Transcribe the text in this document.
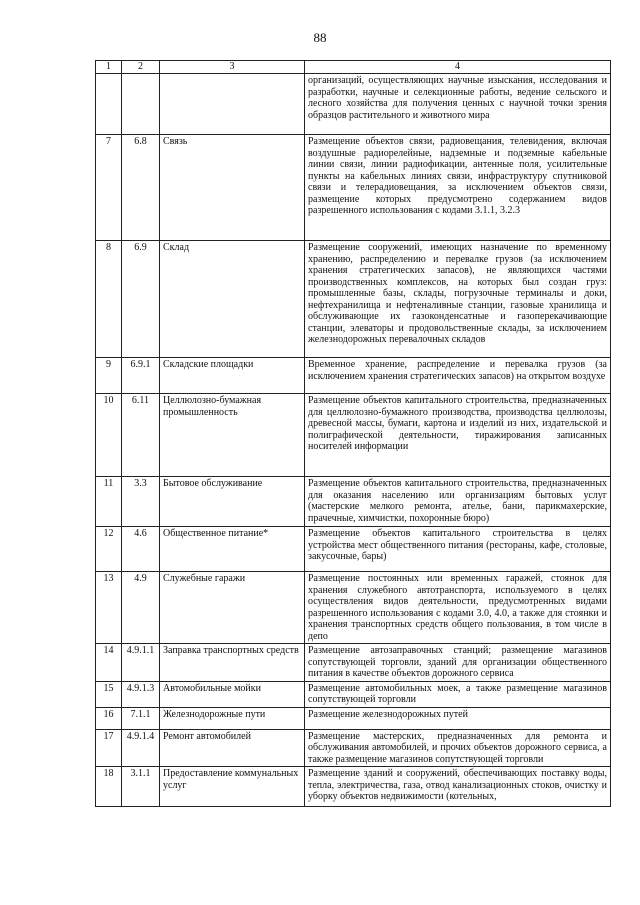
88
1	2	3	4
			организаций, осуществляющих научные изыскания, исследования и разработки, научные и селекционные работы, ведение сельского и лесного хозяйства для получения ценных с научной точки зрения образцов растительного и животного мира
7	6.8	Связь	Размещение объектов связи, радиовещания, телевидения, включая воздушные радиорелейные, надземные и подземные кабельные линии связи, линии радиофикации, антенные поля, усилительные пункты на кабельных линиях связи, инфраструктуру спутниковой связи и телерадиовещания, за исключением объектов связи, размещение которых предусмотрено содержанием видов разрешенного использования с кодами 3.1.1, 3.2.3
8	6.9	Склад	Размещение сооружений, имеющих назначение по временному хранению, распределению и перевалке грузов (за исключением хранения стратегических запасов), не являющихся частями производственных комплексов, на которых был создан груз: промышленные базы, склады, погрузочные терминалы и доки, нефтехранилища и нефтеналивные станции, газовые хранилища и обслуживающие их газоконденсатные и газоперекачивающие станции, элеваторы и продовольственные склады, за исключением железнодорожных перевалочных складов
9	6.9.1	Складские площадки	Временное хранение, распределение и перевалка грузов (за исключением хранения стратегических запасов) на открытом воздухе
10	6.11	Целлюлозно-бумажная промышленность	Размещение объектов капитального строительства, предназначенных для целлюлозно-бумажного производства, производства целлюлозы, древесной массы, бумаги, картона и изделий из них, издательской и полиграфической деятельности, тиражирования записанных носителей информации
11	3.3	Бытовое обслуживание	Размещение объектов капитального строительства, предназначенных для оказания населению или организациям бытовых услуг (мастерские мелкого ремонта, ателье, бани, парикмахерские, прачечные, химчистки, похоронные бюро)
12	4.6	Общественное питание*	Размещение объектов капитального строительства в целях устройства мест общественного питания (рестораны, кафе, столовые, закусочные, бары)
13	4.9	Служебные гаражи	Размещение постоянных или временных гаражей, стоянок для хранения служебного автотранспорта, используемого в целях осуществления видов деятельности, предусмотренных видами разрешенного использования с кодами 3.0, 4.0, а также для стоянки и хранения транспортных средств общего пользования, в том числе в депо
14	4.9.1.1	Заправка транспортных средств	Размещение автозаправочных станций; размещение магазинов сопутствующей торговли, зданий для организации общественного питания в качестве объектов дорожного сервиса
15	4.9.1.3	Автомобильные мойки	Размещение автомобильных моек, а также размещение магазинов сопутствующей торговли
16	7.1.1	Железнодорожные пути	Размещение железнодорожных путей
17	4.9.1.4	Ремонт автомобилей	Размещение мастерских, предназначенных для ремонта и обслуживания автомобилей, и прочих объектов дорожного сервиса, а также размещение магазинов сопутствующей торговли
18	3.1.1	Предоставление коммунальных услуг	Размещение зданий и сооружений, обеспечивающих поставку воды, тепла, электричества, газа, отвод канализационных стоков, очистку и уборку объектов недвижимости (котельных,
